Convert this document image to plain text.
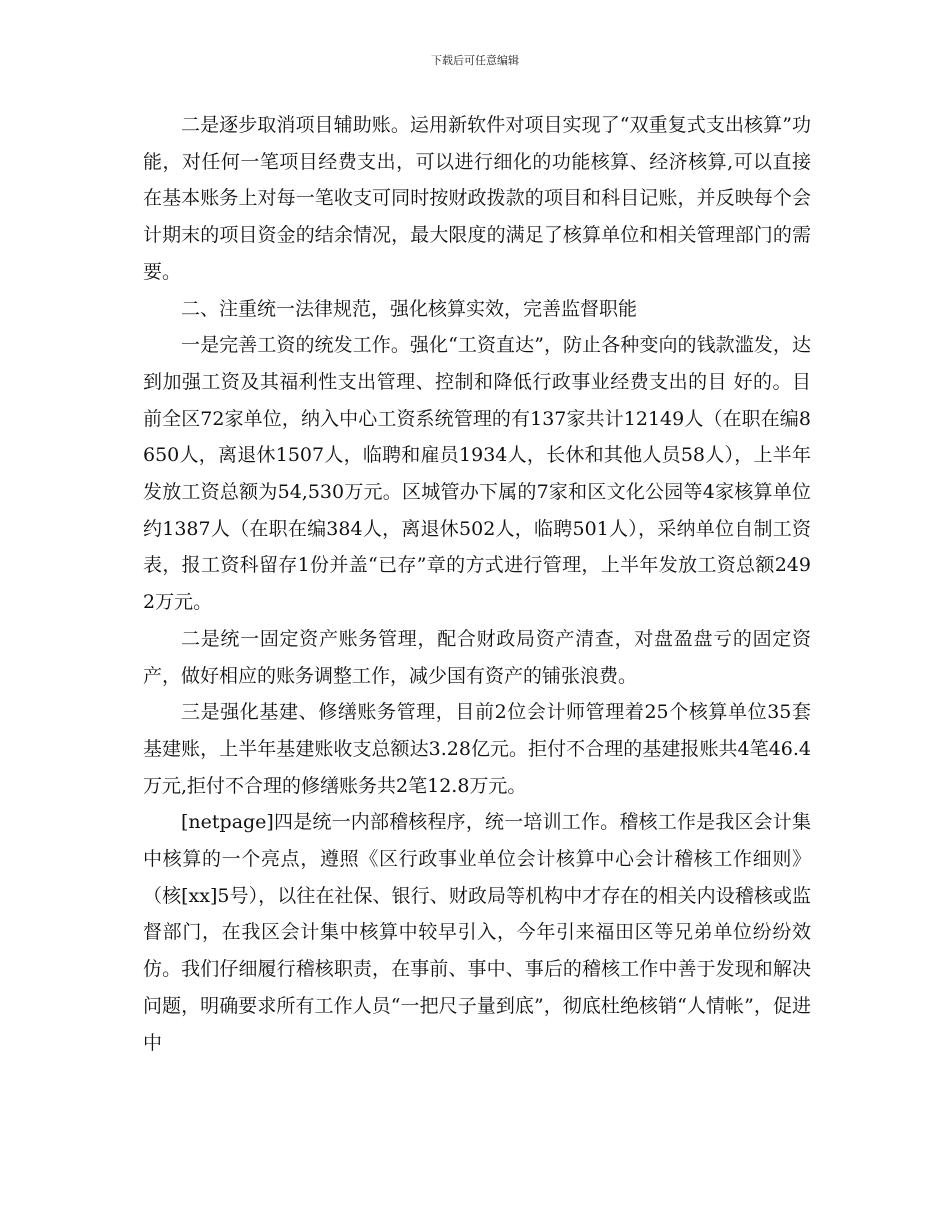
下载后可任意编辑

二是逐步取消项目辅助账。运用新软件对项目实现了“双重复式支出核算”功能，对任何一笔项目经费支出，可以进行细化的功能核算、经济核算,可以直接在基本账务上对每一笔收支可同时按财政拨款的项目和科目记账，并反映每个会计期末的项目资金的结余情况，最大限度的满足了核算单位和相关管理部门的需要。

二、注重统一法律规范，强化核算实效，完善监督职能

一是完善工资的统发工作。强化“工资直达”，防止各种变向的钱款滥发，达到加强工资及其福利性支出管理、控制和降低行政事业经费支出的目 好的。目前全区72家单位，纳入中心工资系统管理的有137家共计12149人（在职在编8650人，离退休1507人，临聘和雇员1934人，长休和其他人员58人），上半年发放工资总额为54,530万元。区城管办下属的7家和区文化公园等4家核算单位约1387人（在职在编384人，离退休502人，临聘501人），采纳单位自制工资表，报工资科留存1份并盖“已存”章的方式进行管理，上半年发放工资总额2492万元。

二是统一固定资产账务管理，配合财政局资产清查，对盘盈盘亏的固定资产，做好相应的账务调整工作，减少国有资产的铺张浪费。

三是强化基建、修缮账务管理，目前2位会计师管理着25个核算单位35套基建账，上半年基建账收支总额达3.28亿元。拒付不合理的基建报账共4笔46.4万元,拒付不合理的修缮账务共2笔12.8万元。

[netpage]四是统一内部稽核程序，统一培训工作。稽核工作是我区会计集中核算的一个亮点，遵照《区行政事业单位会计核算中心会计稽核工作细则》（核[xx]5号），以往在社保、银行、财政局等机构中才存在的相关内设稽核或监督部门，在我区会计集中核算中较早引入，今年引来福田区等兄弟单位纷纷效仿。我们仔细履行稽核职责，在事前、事中、事后的稽核工作中善于发现和解决问题，明确要求所有工作人员“一把尺子量到底”，彻底杜绝核销“人情帐”，促进中
